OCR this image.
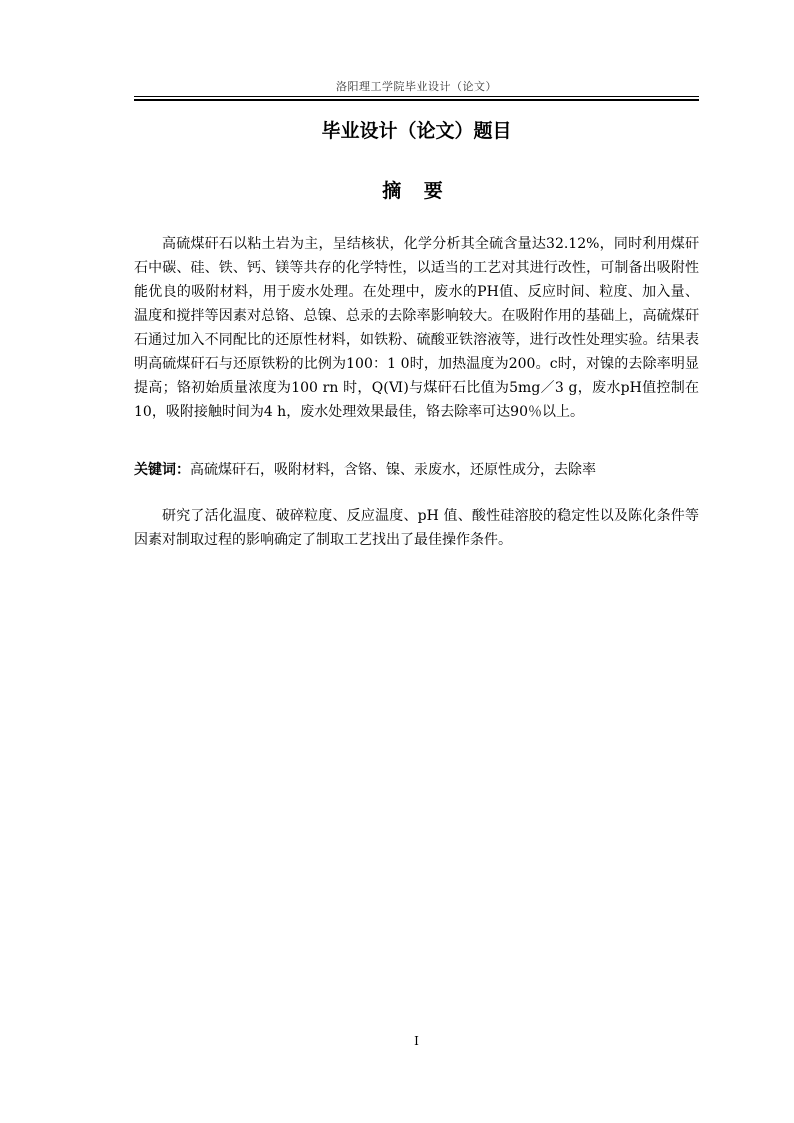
洛阳理工学院毕业设计（论文）
毕业设计（论文）题目
摘 要

高硫煤矸石以粘土岩为主，呈结核状，化学分析其全硫含量达32.12%，同时利用煤矸石中碳、硅、铁、钙、镁等共存的化学特性，以适当的工艺对其进行改性，可制备出吸附性能优良的吸附材料，用于废水处理。在处理中，废水的PH值、反应时间、粒度、加入量、温度和搅拌等因素对总铬、总镍、总汞的去除率影响较大。在吸附作用的基础上，高硫煤矸石通过加入不同配比的还原性材料，如铁粉、硫酸亚铁溶液等，进行改性处理实验。结果表明高硫煤矸石与还原铁粉的比例为100：1 0时，加热温度为200。c时，对镍的去除率明显提高；铬初始质量浓度为100 rn 时，Q(Ⅵ)与煤矸石比值为5mg／3 g，废水pH值控制在10，吸附接触时间为4 h，废水处理效果最佳，铬去除率可达90％以上。

关键词：高硫煤矸石，吸附材料，含铬、镍、汞废水，还原性成分，去除率

研究了活化温度、破碎粒度、反应温度、pH 值、酸性硅溶胶的稳定性以及陈化条件等因素对制取过程的影响确定了制取工艺找出了最佳操作条件。

I
